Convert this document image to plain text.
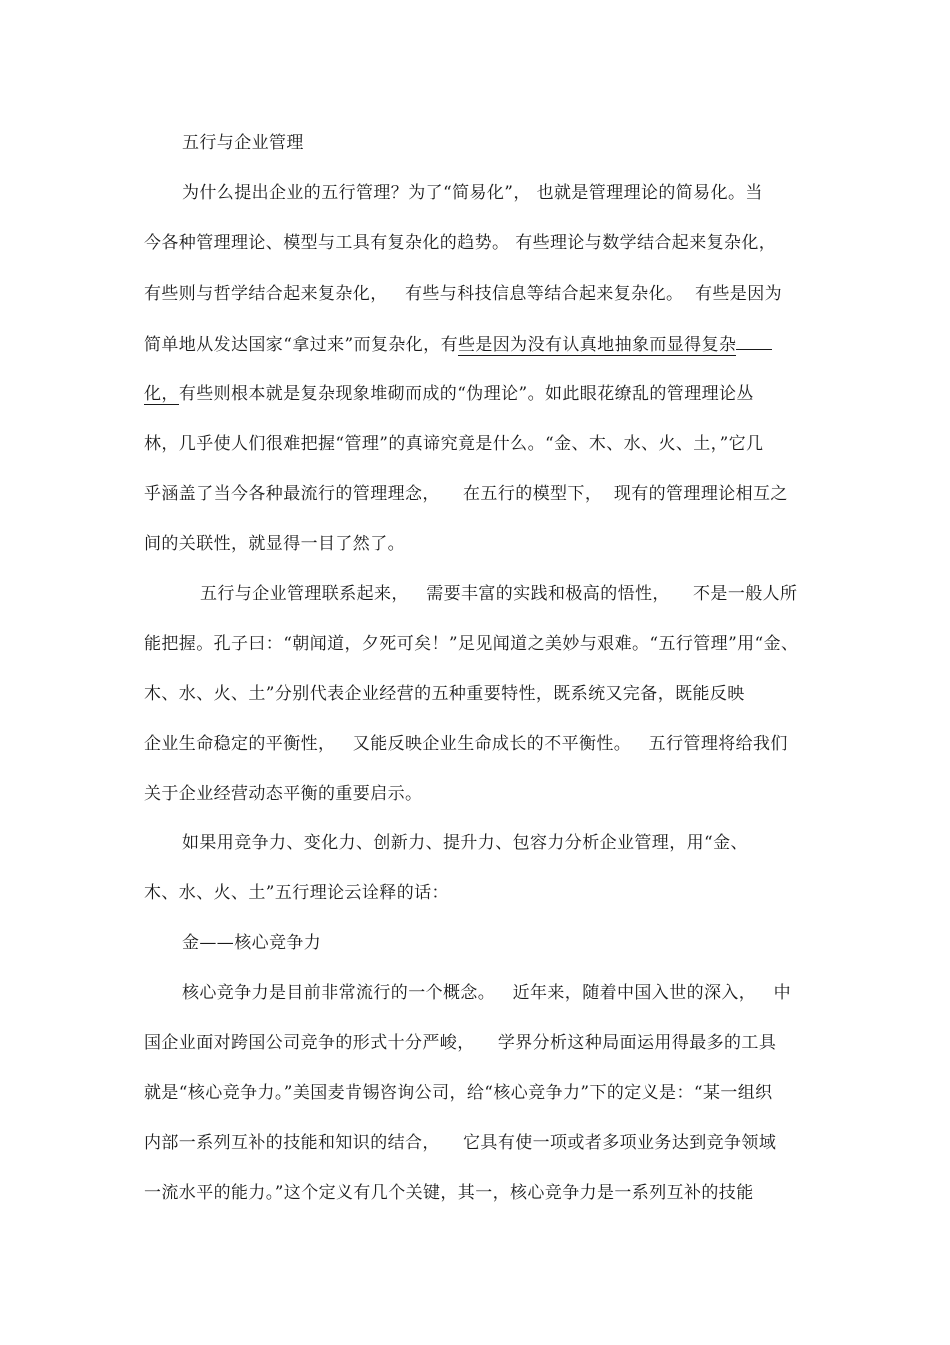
五行与企业管理
为什么提出企业的五行管理？为了“简易化”， 也就是管理理论的简易化。当
今各种管理理论、模型与工具有复杂化的趋势。 有些理论与数学结合起来复杂化，
有些则与哲学结合起来复杂化，   有些与科技信息等结合起来复杂化。  有些是因为
简单地从发达国家“拿过来”而复杂化，有些是因为没有认真地抽象而显得复杂
化，有些则根本就是复杂现象堆砌而成的“伪理论”。如此眼花缭乱的管理理论丛
林，几乎使人们很难把握“管理”的真谛究竟是什么。“金、木、水、火、土，”它几
乎涵盖了当今各种最流行的管理理念，    在五行的模型下，  现有的管理理论相互之
间的关联性，就显得一目了然了。
五行与企业管理联系起来，   需要丰富的实践和极高的悟性，    不是一般人所
能把握。孔子曰：“朝闻道，夕死可矣！”足见闻道之美妙与艰难。“五行管理”用“金、
木、水、火、土”分别代表企业经营的五种重要特性，既系统又完备，既能反映
企业生命稳定的平衡性，   又能反映企业生命成长的不平衡性。   五行管理将给我们
关于企业经营动态平衡的重要启示。
如果用竞争力、变化力、创新力、提升力、包容力分析企业管理，用“金、
木、水、火、土”五行理论云诠释的话：
金——核心竞争力
核心竞争力是目前非常流行的一个概念。   近年来，随着中国入世的深入，   中
国企业面对跨国公司竞争的形式十分严峻，    学界分析这种局面运用得最多的工具
就是“核心竞争力。”美国麦肯锡咨询公司，给“核心竞争力”下的定义是：“某一组织
内部一系列互补的技能和知识的结合，    它具有使一项或者多项业务达到竞争领域
一流水平的能力。”这个定义有几个关键，其一，核心竞争力是一系列互补的技能
